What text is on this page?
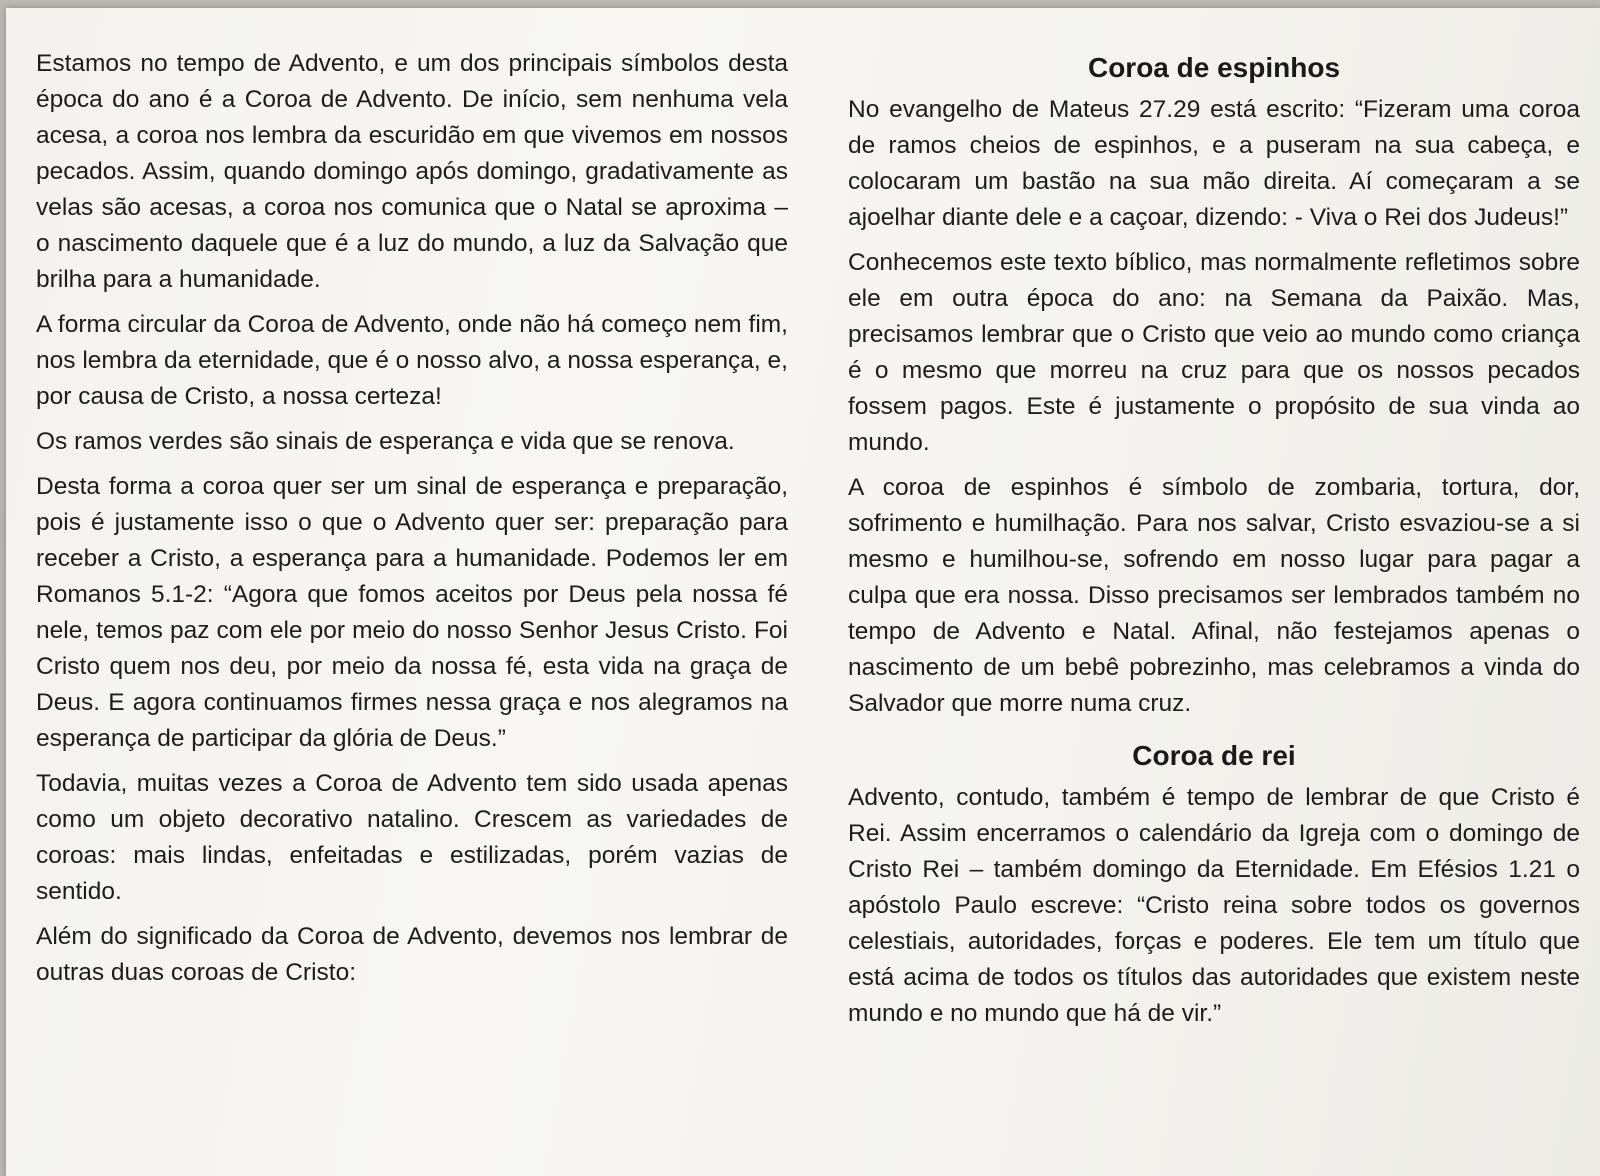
Estamos no tempo de Advento, e um dos principais símbolos desta época do ano é a Coroa de Advento. De início, sem nenhuma vela acesa, a coroa nos lembra da escuridão em que vivemos em nossos pecados. Assim, quando domingo após domingo, gradativamente as velas são acesas, a coroa nos comunica que o Natal se aproxima – o nascimento daquele que é a luz do mundo, a luz da Salvação que brilha para a humanidade.

A forma circular da Coroa de Advento, onde não há começo nem fim, nos lembra da eternidade, que é o nosso alvo, a nossa esperança, e, por causa de Cristo, a nossa certeza!

Os ramos verdes são sinais de esperança e vida que se renova.

Desta forma a coroa quer ser um sinal de esperança e preparação, pois é justamente isso o que o Advento quer ser: preparação para receber a Cristo, a esperança para a humanidade. Podemos ler em Romanos 5.1-2: “Agora que fomos aceitos por Deus pela nossa fé nele, temos paz com ele por meio do nosso Senhor Jesus Cristo. Foi Cristo quem nos deu, por meio da nossa fé, esta vida na graça de Deus. E agora continuamos firmes nessa graça e nos alegramos na esperança de participar da glória de Deus.”

Todavia, muitas vezes a Coroa de Advento tem sido usada apenas como um objeto decorativo natalino. Crescem as variedades de coroas: mais lindas, enfeitadas e estilizadas, porém vazias de sentido.

Além do significado da Coroa de Advento, devemos nos lembrar de outras duas coroas de Cristo:

Coroa de espinhos

No evangelho de Mateus 27.29 está escrito: “Fizeram uma coroa de ramos cheios de espinhos, e a puseram na sua cabeça, e colocaram um bastão na sua mão direita. Aí começaram a se ajoelhar diante dele e a caçoar, dizendo: - Viva o Rei dos Judeus!”

Conhecemos este texto bíblico, mas normalmente refletimos sobre ele em outra época do ano: na Semana da Paixão. Mas, precisamos lembrar que o Cristo que veio ao mundo como criança é o mesmo que morreu na cruz para que os nossos pecados fossem pagos. Este é justamente o propósito de sua vinda ao mundo.

A coroa de espinhos é símbolo de zombaria, tortura, dor, sofrimento e humilhação. Para nos salvar, Cristo esvaziou-se a si mesmo e humilhou-se, sofrendo em nosso lugar para pagar a culpa que era nossa. Disso precisamos ser lembrados também no tempo de Advento e Natal. Afinal, não festejamos apenas o nascimento de um bebê pobrezinho, mas celebramos a vinda do Salvador que morre numa cruz.

Coroa de rei

Advento, contudo, também é tempo de lembrar de que Cristo é Rei. Assim encerramos o calendário da Igreja com o domingo de Cristo Rei – também domingo da Eternidade. Em Efésios 1.21 o apóstolo Paulo escreve: “Cristo reina sobre todos os governos celestiais, autoridades, forças e poderes. Ele tem um título que está acima de todos os títulos das autoridades que existem neste mundo e no mundo que há de vir.”
